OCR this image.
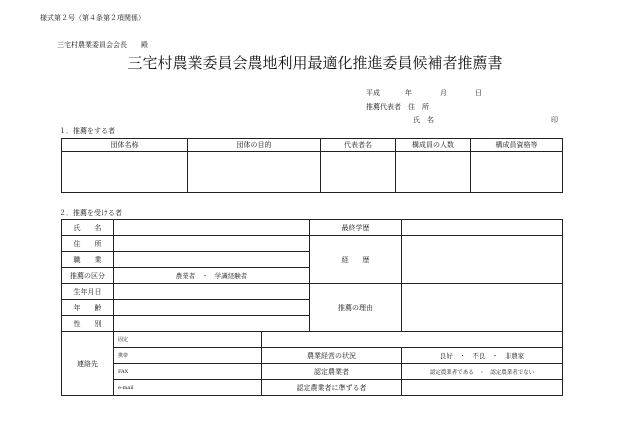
様式第２号（第４条第２項関係）
三宅村農業委員会会長　　殿
三宅村農業委員会農地利用最適化推進委員候補者推薦書
平成	年	月	日
推薦代表者　住　所
氏　名	印
１．推薦をする者
団体名称	団体の目的	代表者名	構成員の人数	構成員資格等

２．推薦を受ける者
氏　　名			最終学歴	
住　　所			経　　歴	
職　　業				
推薦の区分	農業者　・　学識経験者			
生年月日			推薦の理由	
年　　齢				
性　　別				
連絡先	固定			
	携帯	農業経営の状況		良好　・　不良　・　非農家
	FAX	認定農業者		認定農業者である　・　認定農業者でない
	e-mail	認定農業者に準ずる者		
